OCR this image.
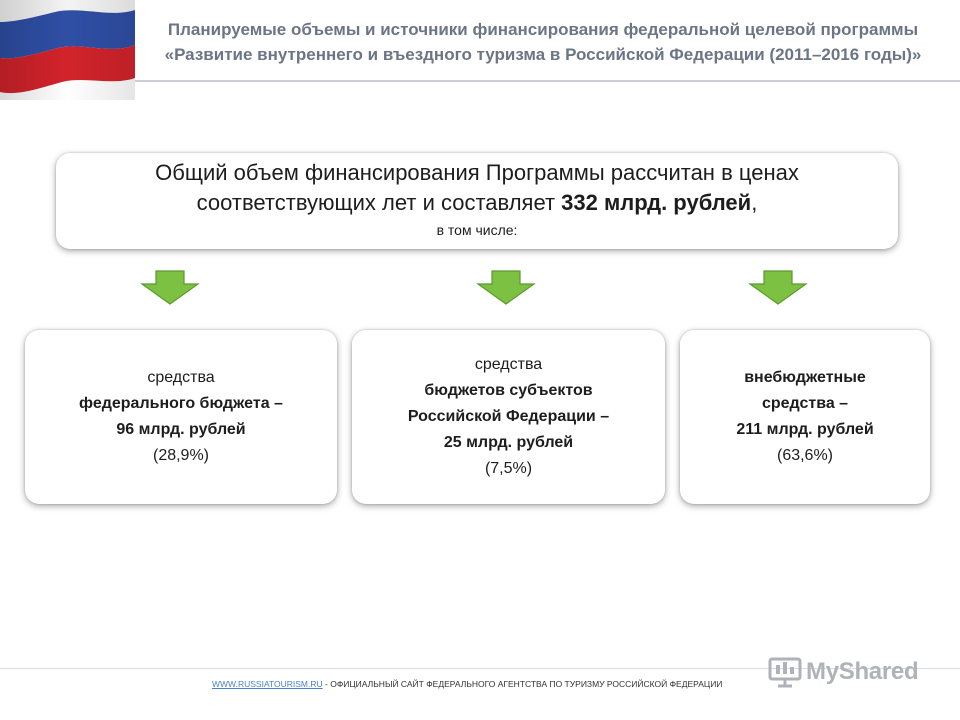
Планируемые объемы и источники финансирования федеральной целевой программы
«Развитие внутреннего и въездного туризма в Российской Федерации (2011–2016 годы)»
Общий объем финансирования Программы рассчитан в ценах
соответствующих лет и составляет 332 млрд. рублей,
в том числе:
средства
федерального бюджета –
96 млрд. рублей
(28,9%)
средства
бюджетов субъектов
Российской Федерации –
25 млрд. рублей
(7,5%)
внебюджетные
средства –
211 млрд. рублей
(63,6%)
WWW.RUSSIATOURISM.RU - ОФИЦИАЛЬНЫЙ САЙТ ФЕДЕРАЛЬНОГО АГЕНТСТВА ПО ТУРИЗМУ РОССИЙСКОЙ ФЕДЕРАЦИИ	MyShared
